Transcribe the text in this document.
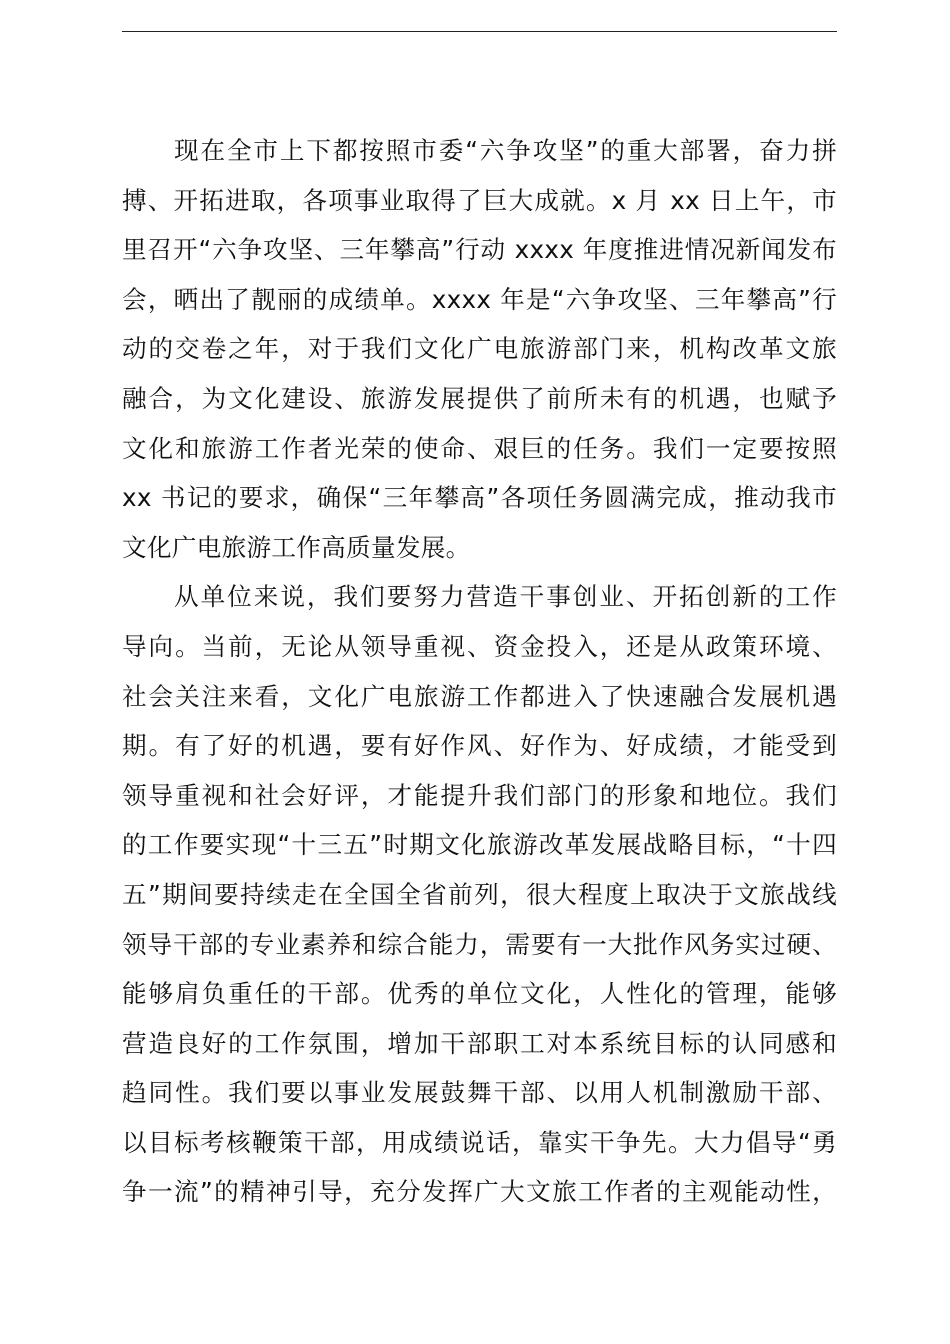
现在全市上下都按照市委“六争攻坚”的重大部署，奋力拼
搏、开拓进取，各项事业取得了巨大成就。x 月 xx 日上午，市
里召开“六争攻坚、三年攀高”行动 xxxx 年度推进情况新闻发布
会，晒出了靓丽的成绩单。xxxx 年是“六争攻坚、三年攀高”行
动的交卷之年，对于我们文化广电旅游部门来，机构改革文旅
融合，为文化建设、旅游发展提供了前所未有的机遇，也赋予
文化和旅游工作者光荣的使命、艰巨的任务。我们一定要按照
xx 书记的要求，确保“三年攀高”各项任务圆满完成，推动我市
文化广电旅游工作高质量发展。
从单位来说，我们要努力营造干事创业、开拓创新的工作
导向。当前，无论从领导重视、资金投入，还是从政策环境、
社会关注来看，文化广电旅游工作都进入了快速融合发展机遇
期。有了好的机遇，要有好作风、好作为、好成绩，才能受到
领导重视和社会好评，才能提升我们部门的形象和地位。我们
的工作要实现“十三五”时期文化旅游改革发展战略目标，“十四
五”期间要持续走在全国全省前列，很大程度上取决于文旅战线
领导干部的专业素养和综合能力，需要有一大批作风务实过硬、
能够肩负重任的干部。优秀的单位文化，人性化的管理，能够
营造良好的工作氛围，增加干部职工对本系统目标的认同感和
趋同性。我们要以事业发展鼓舞干部、以用人机制激励干部、
以目标考核鞭策干部，用成绩说话，靠实干争先。大力倡导“勇
争一流”的精神引导，充分发挥广大文旅工作者的主观能动性，
